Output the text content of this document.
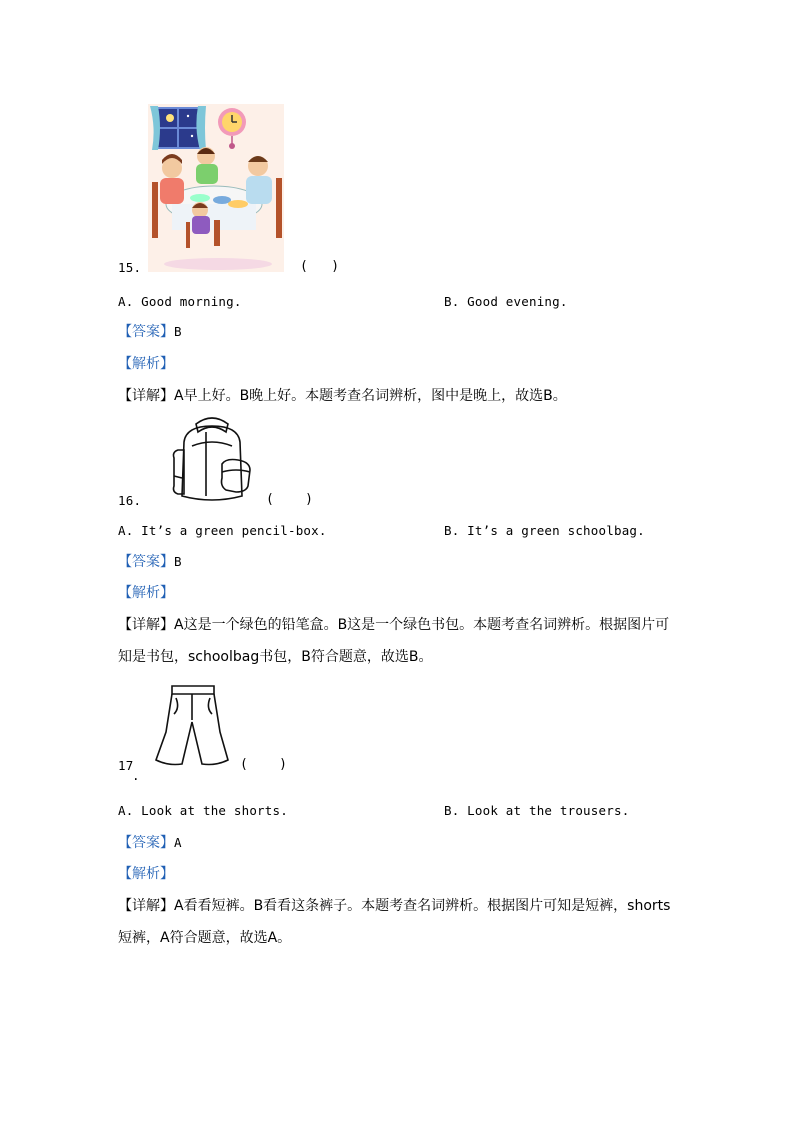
15.	(   )
A. Good morning.	B. Good evening.
【答案】B
【解析】
【详解】A早上好。B晚上好。本题考查名词辨析，图中是晚上，故选B。
16.	(    )
A. It’s a green pencil-box.	B. It’s a green schoolbag.
【答案】B
【解析】
【详解】A这是一个绿色的铅笔盒。B这是一个绿色书包。本题考查名词辨析。根据图片可
知是书包，schoolbag书包，B符合题意，故选B。
17
.
(    )
A. Look at the shorts.	B. Look at the trousers.
【答案】A
【解析】
【详解】A看看短裤。B看看这条裤子。本题考查名词辨析。根据图片可知是短裤，shorts
短裤，A符合题意，故选A。
